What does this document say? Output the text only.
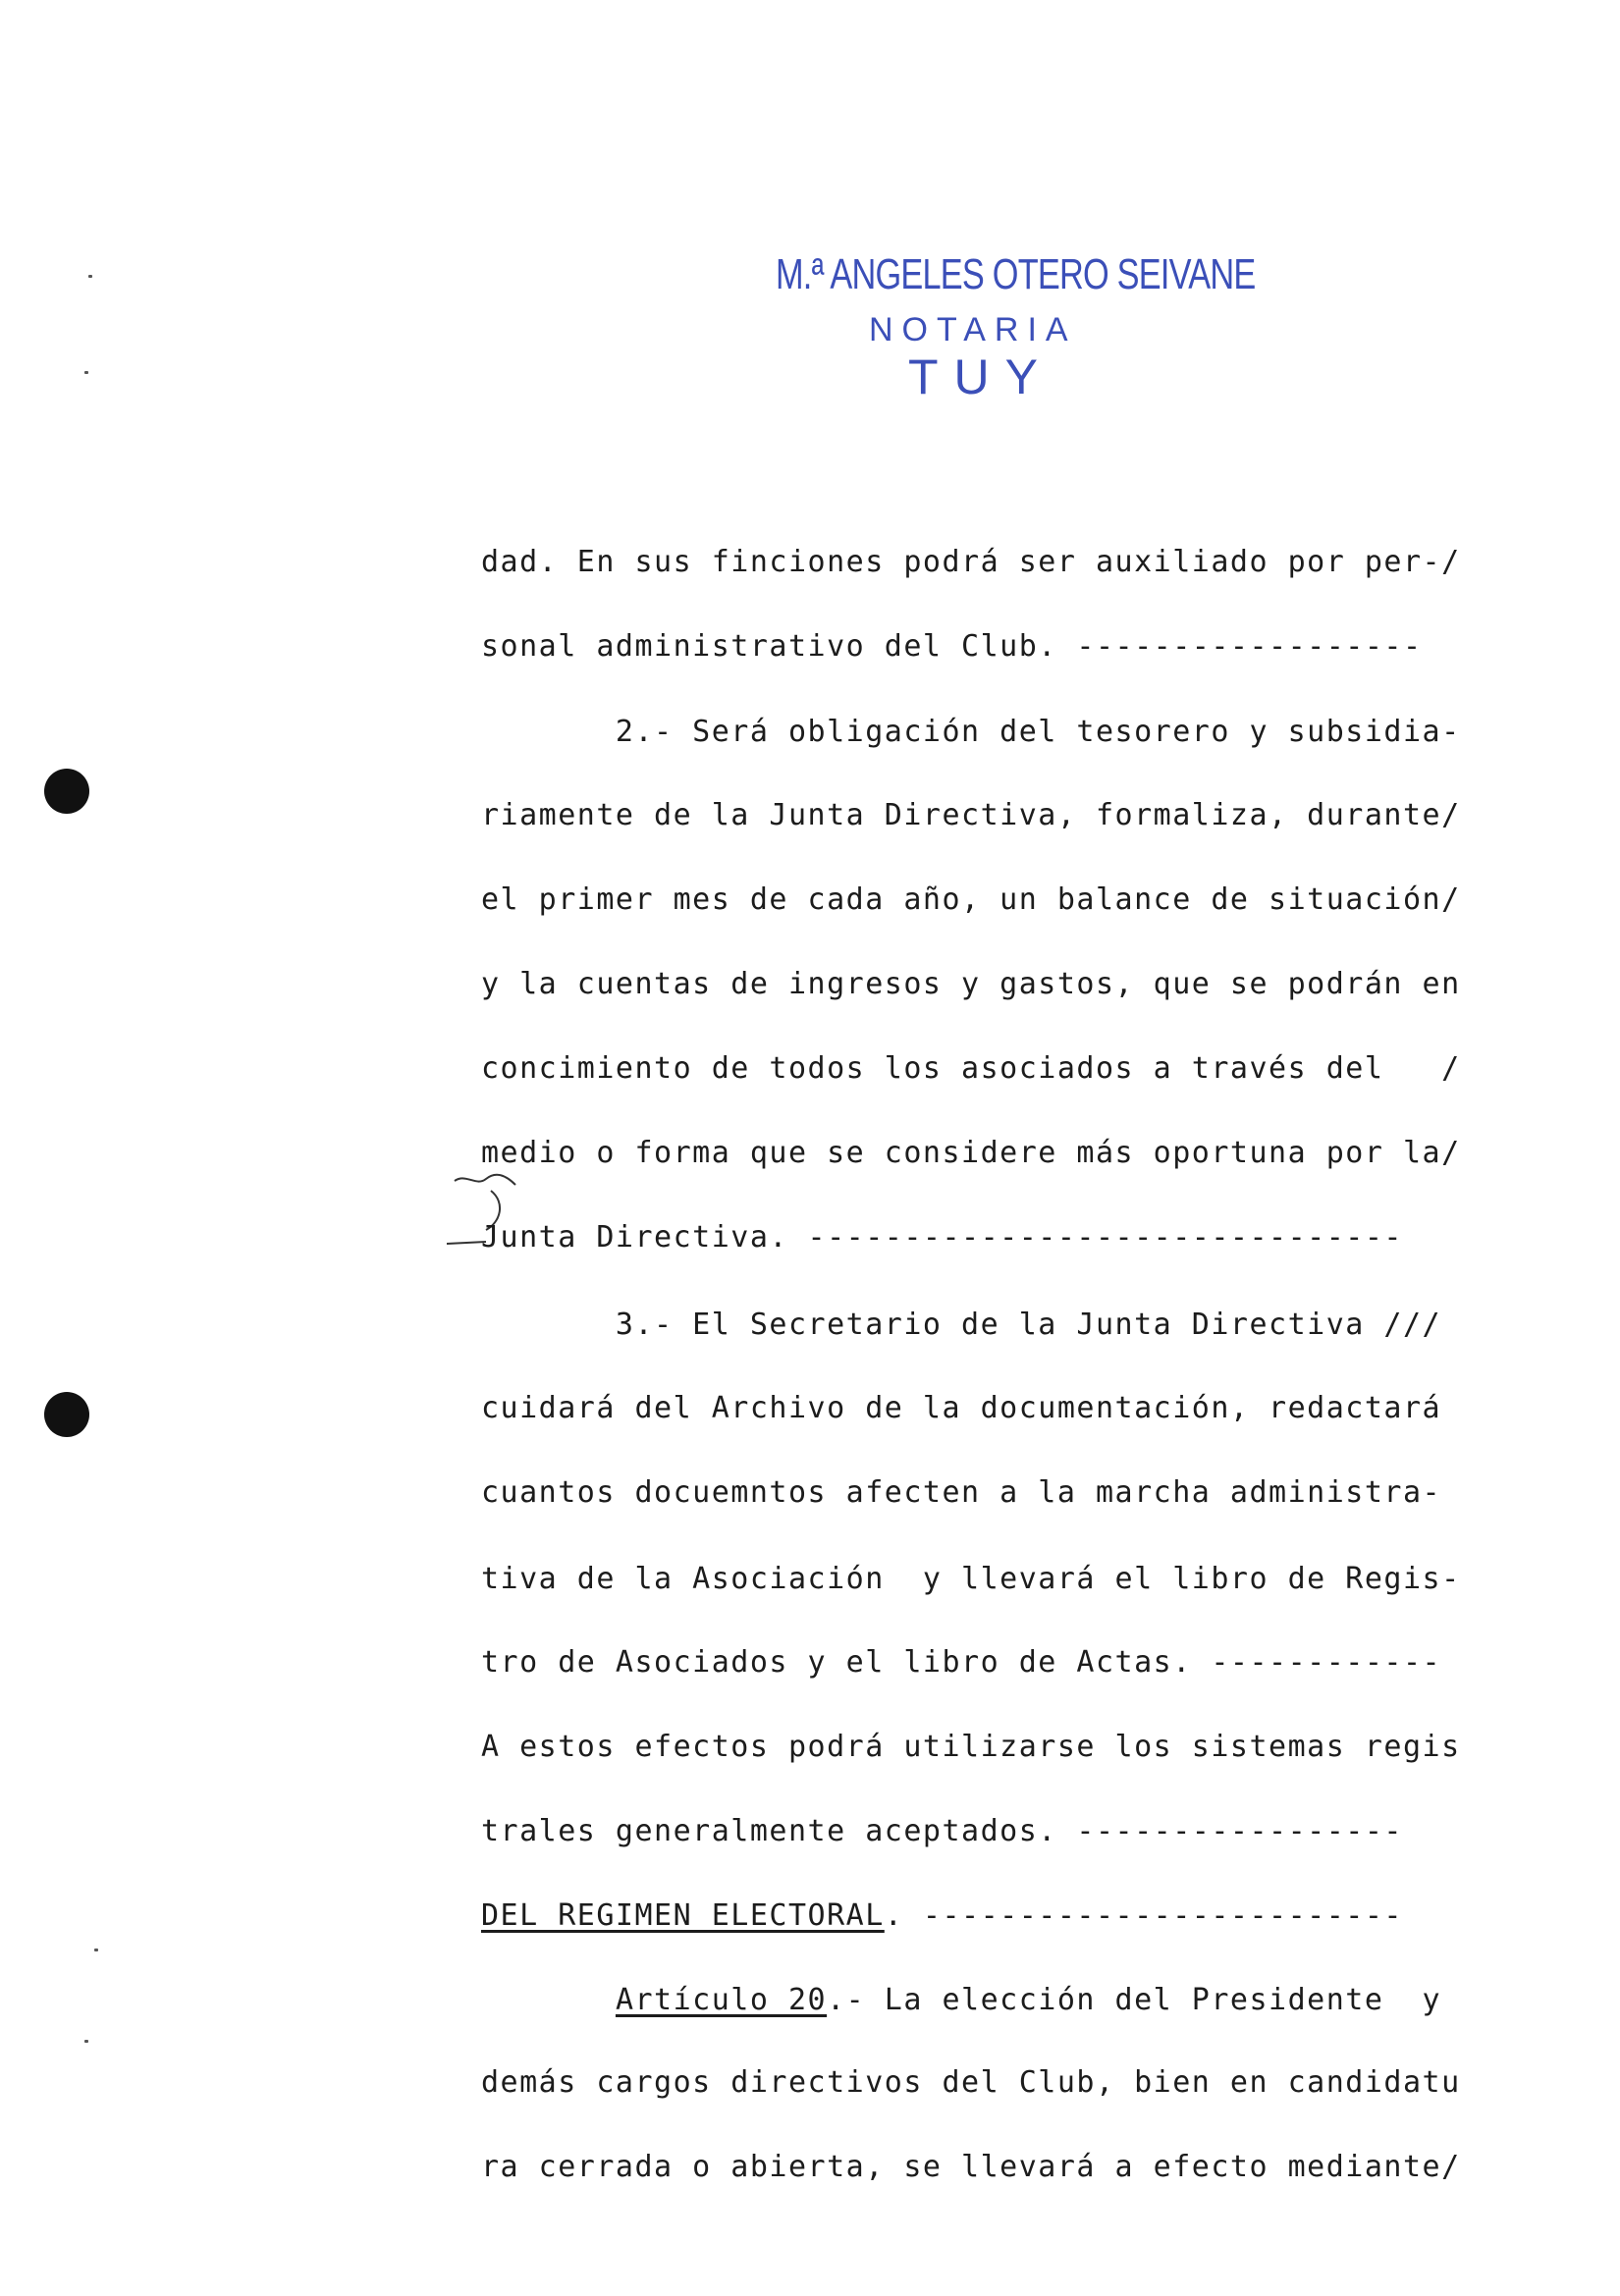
M.ª ANGELES OTERO SEIVANE
NOTARIA
TUY
dad. En sus finciones podrá ser auxiliado por per-/
sonal administrativo del Club. ------------------
2.- Será obligación del tesorero y subsidia-
riamente de la Junta Directiva, formaliza, durante/
el primer mes de cada año, un balance de situación/
y la cuentas de ingresos y gastos, que se podrán en
concimiento de todos los asociados a través del   /
medio o forma que se considere más oportuna por la/
Junta Directiva. -------------------------------
3.- El Secretario de la Junta Directiva ///
cuidará del Archivo de la documentación, redactará
cuantos docuemntos afecten a la marcha administra-
tiva de la Asociación  y llevará el libro de Regis-
tro de Asociados y el libro de Actas. ------------
A estos efectos podrá utilizarse los sistemas regis
trales generalmente aceptados. -----------------
DEL REGIMEN ELECTORAL. -------------------------
Artículo 20.- La elección del Presidente  y
demás cargos directivos del Club, bien en candidatu
ra cerrada o abierta, se llevará a efecto mediante/
